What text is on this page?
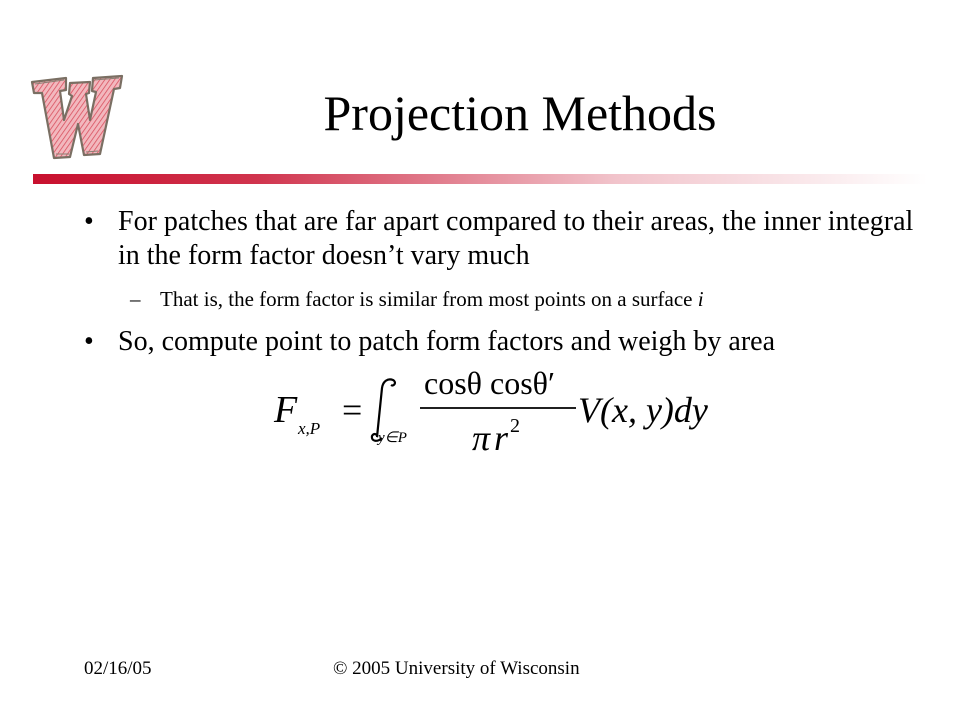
Projection Methods
• For patches that are far apart compared to their areas, the inner integral in the form factor doesn’t vary much
– That is, the form factor is similar from most points on a surface i
• So, compute point to patch form factors and weigh by area
F x,P =
y∈P
cosθ cosθ′
π r 2 V(x, y)dy
02/16/05	© 2005 University of Wisconsin
